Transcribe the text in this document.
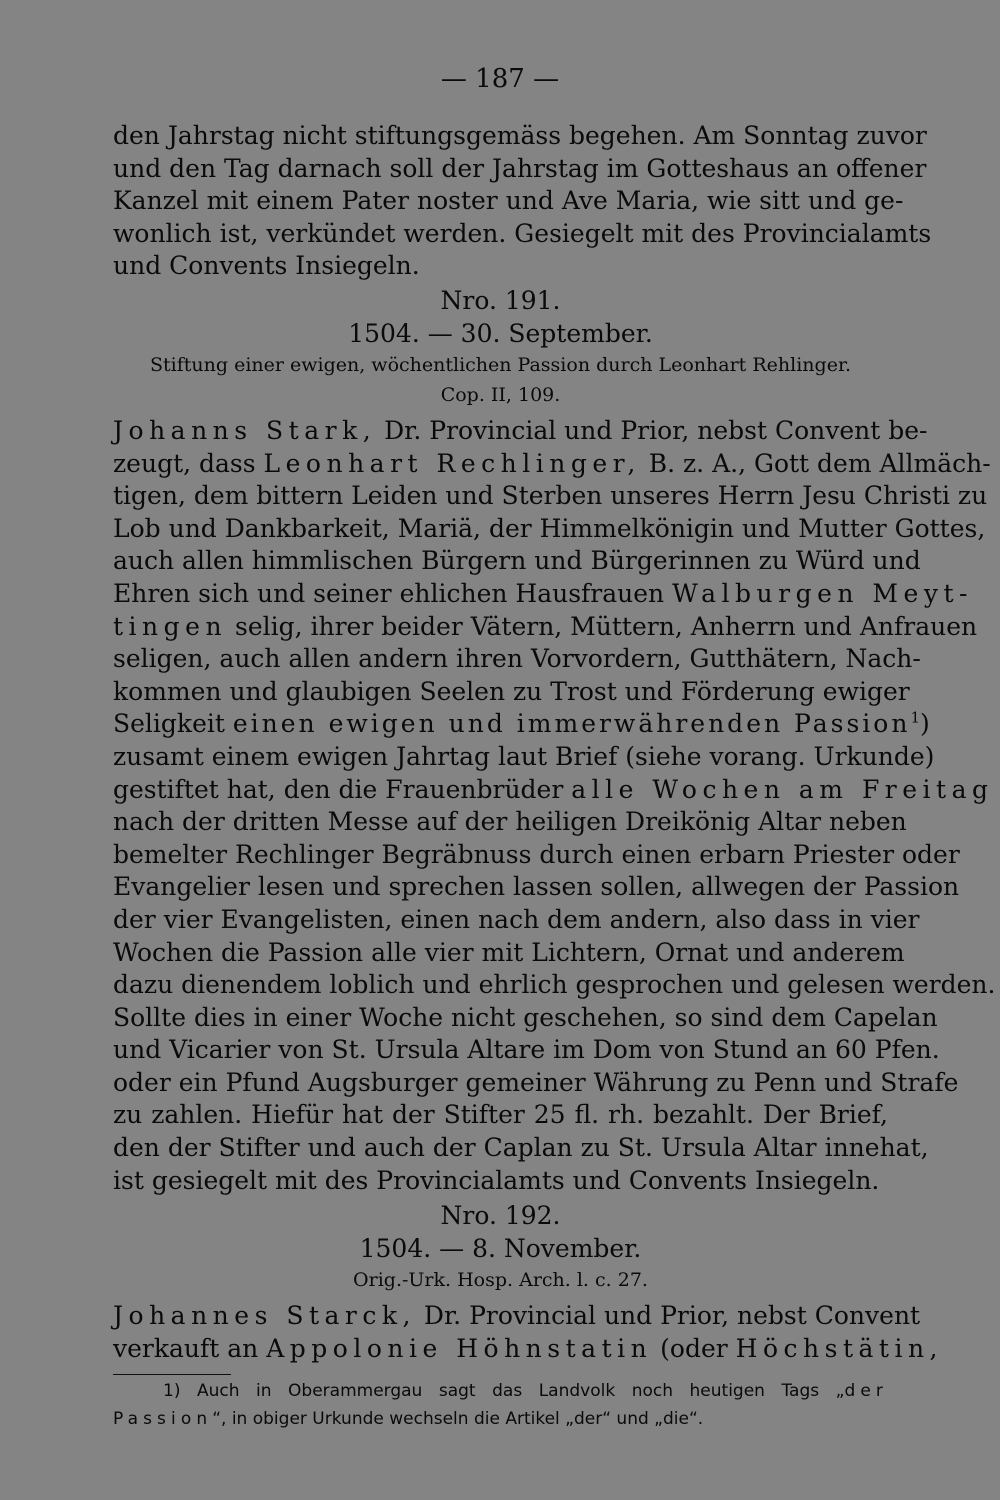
— 187 —
den Jahrstag nicht stiftungsgemäss begehen. Am Sonntag zuvor
und den Tag darnach soll der Jahrstag im Gotteshaus an offener
Kanzel mit einem Pater noster und Ave Maria, wie sitt und ge-
wonlich ist, verkündet werden. Gesiegelt mit des Provincialamts
und Convents Insiegeln.
Nro. 191.
1504. — 30. September.
Stiftung einer ewigen, wöchentlichen Passion durch Leonhart Rehlinger.
Cop. II, 109.
Johanns Stark, Dr. Provincial und Prior, nebst Convent be-
zeugt, dass Leonhart Rechlinger, B. z. A., Gott dem Allmäch-
tigen, dem bittern Leiden und Sterben unseres Herrn Jesu Christi zu
Lob und Dankbarkeit, Mariä, der Himmelkönigin und Mutter Gottes,
auch allen himmlischen Bürgern und Bürgerinnen zu Würd und
Ehren sich und seiner ehlichen Hausfrauen Walburgen Meyt-
tingen selig, ihrer beider Vätern, Müttern, Anherrn und Anfrauen
seligen, auch allen andern ihren Vorvordern, Gutthätern, Nach-
kommen und glaubigen Seelen zu Trost und Förderung ewiger
Seligkeit einen ewigen und immerwährenden Passion$^1$)
zusamt einem ewigen Jahrtag laut Brief (siehe vorang. Urkunde)
gestiftet hat, den die Frauenbrüder alle Wochen am Freitag
nach der dritten Messe auf der heiligen Dreikönig Altar neben
bemelter Rechlinger Begräbnuss durch einen erbarn Priester oder
Evangelier lesen und sprechen lassen sollen, allwegen der Passion
der vier Evangelisten, einen nach dem andern, also dass in vier
Wochen die Passion alle vier mit Lichtern, Ornat und anderem
dazu dienendem loblich und ehrlich gesprochen und gelesen werden.
Sollte dies in einer Woche nicht geschehen, so sind dem Capelan
und Vicarier von St. Ursula Altare im Dom von Stund an 60 Pfen.
oder ein Pfund Augsburger gemeiner Währung zu Penn und Strafe
zu zahlen. Hiefür hat der Stifter 25 fl. rh. bezahlt. Der Brief,
den der Stifter und auch der Caplan zu St. Ursula Altar innehat,
ist gesiegelt mit des Provincialamts und Convents Insiegeln.
Nro. 192.
1504. — 8. November.
Orig.-Urk. Hosp. Arch. l. c. 27.
Johannes Starck, Dr. Provincial und Prior, nebst Convent
verkauft an Appolonie Höhnstatin (oder Höchstätin,
1) Auch in Oberammergau sagt das Landvolk noch heutigen Tags „der
Passion“, in obiger Urkunde wechseln die Artikel „der“ und „die“.
